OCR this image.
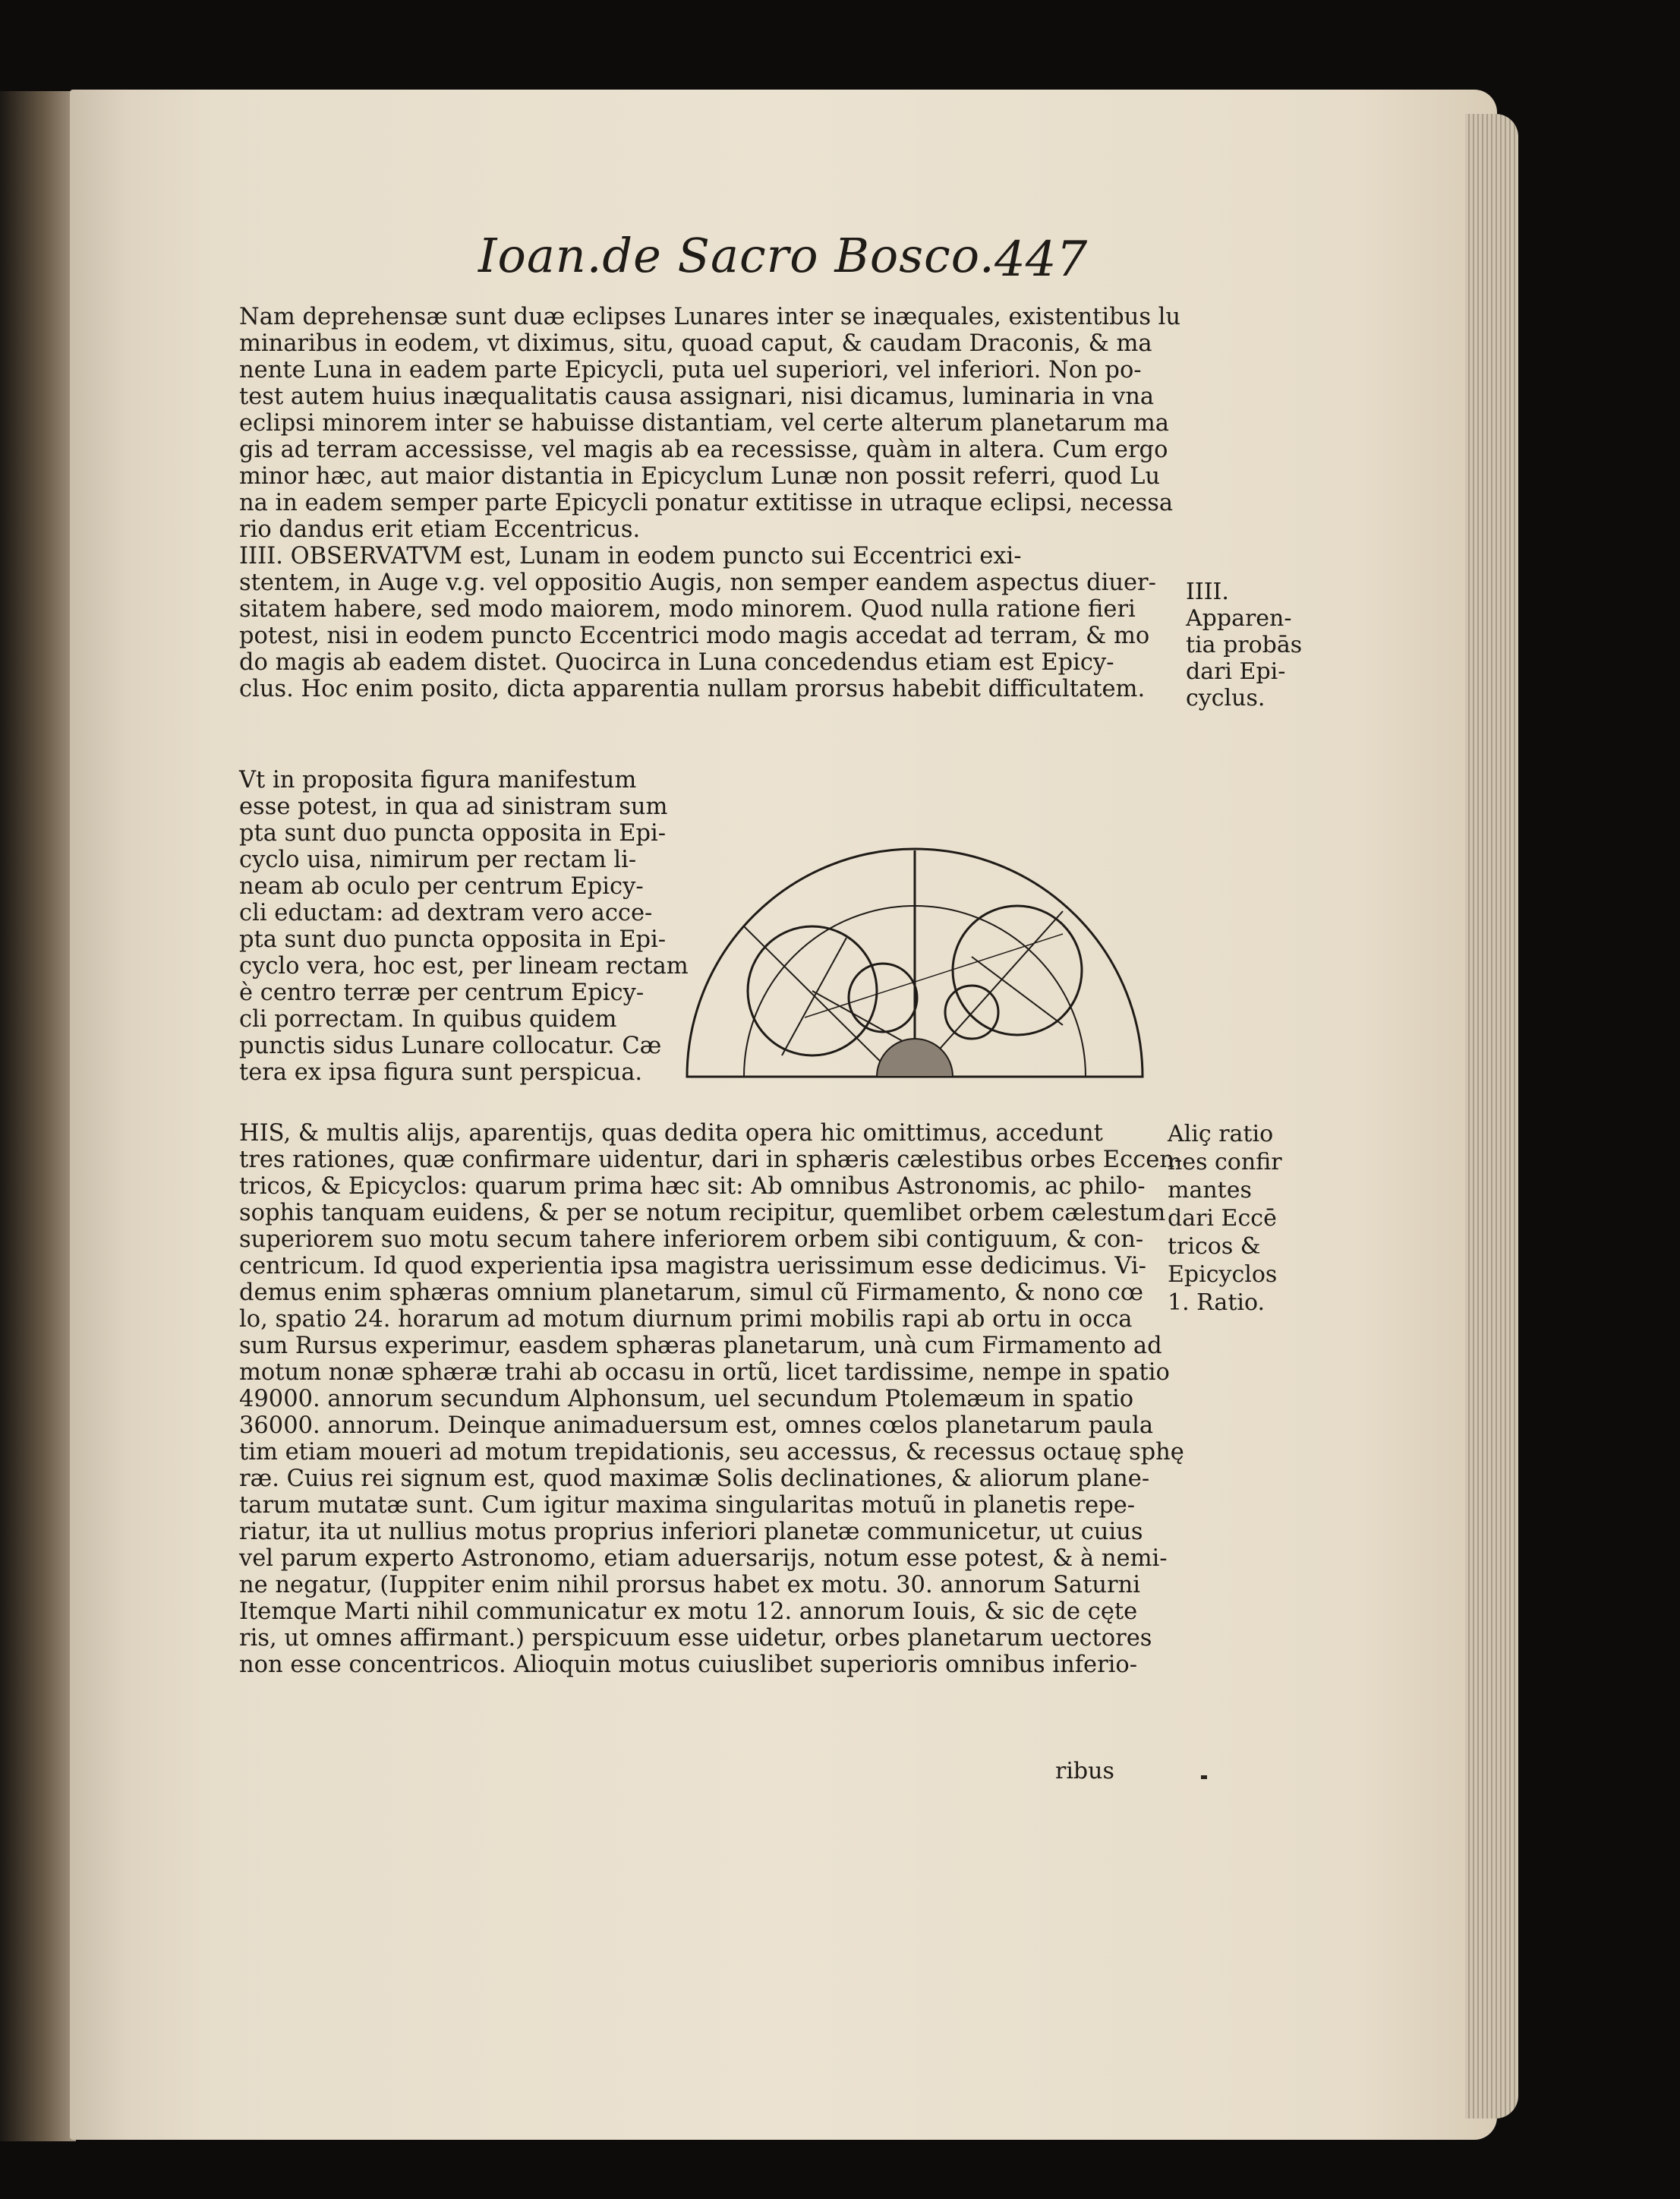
Ioan.de Sacro Bosco. 447
Nam deprehensæ sunt duæ eclipses Lunares inter se inæquales, existentibus lu
minaribus in eodem, vt diximus, situ, quoad caput, & caudam Draconis, & ma
nente Luna in eadem parte Epicycli, puta uel superiori, vel inferiori. Non po-
test autem huius inæqualitatis causa assignari, nisi dicamus, luminaria in vna
eclipsi minorem inter se habuisse distantiam, vel certe alterum planetarum ma
gis ad terram accessisse, vel magis ab ea recessisse, quàm in altera. Cum ergo
minor hæc, aut maior distantia in Epicyclum Lunæ non possit referri, quod Lu
na in eadem semper parte Epicycli ponatur extitisse in utraque eclipsi, necessa
rio dandus erit etiam Eccentricus.
IIII. OBSERVATVM est, Lunam in eodem puncto sui Eccentrici exi-
stentem, in Auge v.g. vel oppositio Augis, non semper eandem aspectus diuer-
sitatem habere, sed modo maiorem, modo minorem. Quod nulla ratione fieri
potest, nisi in eodem puncto Eccentrici modo magis accedat ad terram, & mo
do magis ab eadem distet. Quocirca in Luna concedendus etiam est Epicy-
clus. Hoc enim posito, dicta apparentia nullam prorsus habebit difficultatem.
Vt in proposita figura manifestum
esse potest, in qua ad sinistram sum
pta sunt duo puncta opposita in Epi-
cyclo uisa, nimirum per rectam li-
neam ab oculo per centrum Epicy-
cli eductam: ad dextram vero acce-
pta sunt duo puncta opposita in Epi-
cyclo vera, hoc est, per lineam rectam
è centro terræ per centrum Epicy-
cli porrectam. In quibus quidem
punctis sidus Lunare collocatur. Cæ
tera ex ipsa figura sunt perspicua.
HIS, & multis alijs, aparentijs, quas dedita opera hic omittimus, accedunt
tres rationes, quæ confirmare uidentur, dari in sphæris cælestibus orbes Eccen-
tricos, & Epicyclos: quarum prima hæc sit: Ab omnibus Astronomis, ac philo-
sophis tanquam euidens, & per se notum recipitur, quemlibet orbem cælestum
superiorem suo motu secum tahere inferiorem orbem sibi contiguum, & con-
centricum. Id quod experientia ipsa magistra uerissimum esse dedicimus. Vi-
demus enim sphæras omnium planetarum, simul cũ Firmamento, & nono cœ
lo, spatio 24. horarum ad motum diurnum primi mobilis rapi ab ortu in occa
sum Rursus experimur, easdem sphæras planetarum, unà cum Firmamento ad
motum nonæ sphæræ trahi ab occasu in ortũ, licet tardissime, nempe in spatio
49000. annorum secundum Alphonsum, uel secundum Ptolemæum in spatio
36000. annorum. Deinque animaduersum est, omnes cœlos planetarum paula
tim etiam moueri ad motum trepidationis, seu accessus, & recessus octauę sphę
ræ. Cuius rei signum est, quod maximæ Solis declinationes, & aliorum plane-
tarum mutatæ sunt. Cum igitur maxima singularitas motuũ in planetis repe-
riatur, ita ut nullius motus proprius inferiori planetæ communicetur, ut cuius
vel parum experto Astronomo, etiam aduersarijs, notum esse potest, & à nemi-
ne negatur, (Iuppiter enim nihil prorsus habet ex motu. 30. annorum Saturni
Itemque Marti nihil communicatur ex motu 12. annorum Iouis, & sic de cęte
ris, ut omnes affirmant.) perspicuum esse uidetur, orbes planetarum uectores
non esse concentricos. Alioquin motus cuiuslibet superioris omnibus inferio-
ribus
IIII.
Apparen-
tia probās
dari Epi-
cyclus.
Aliç ratio
nes confir
mantes
dari Eccē
tricos &
Epicyclos
1. Ratio.
